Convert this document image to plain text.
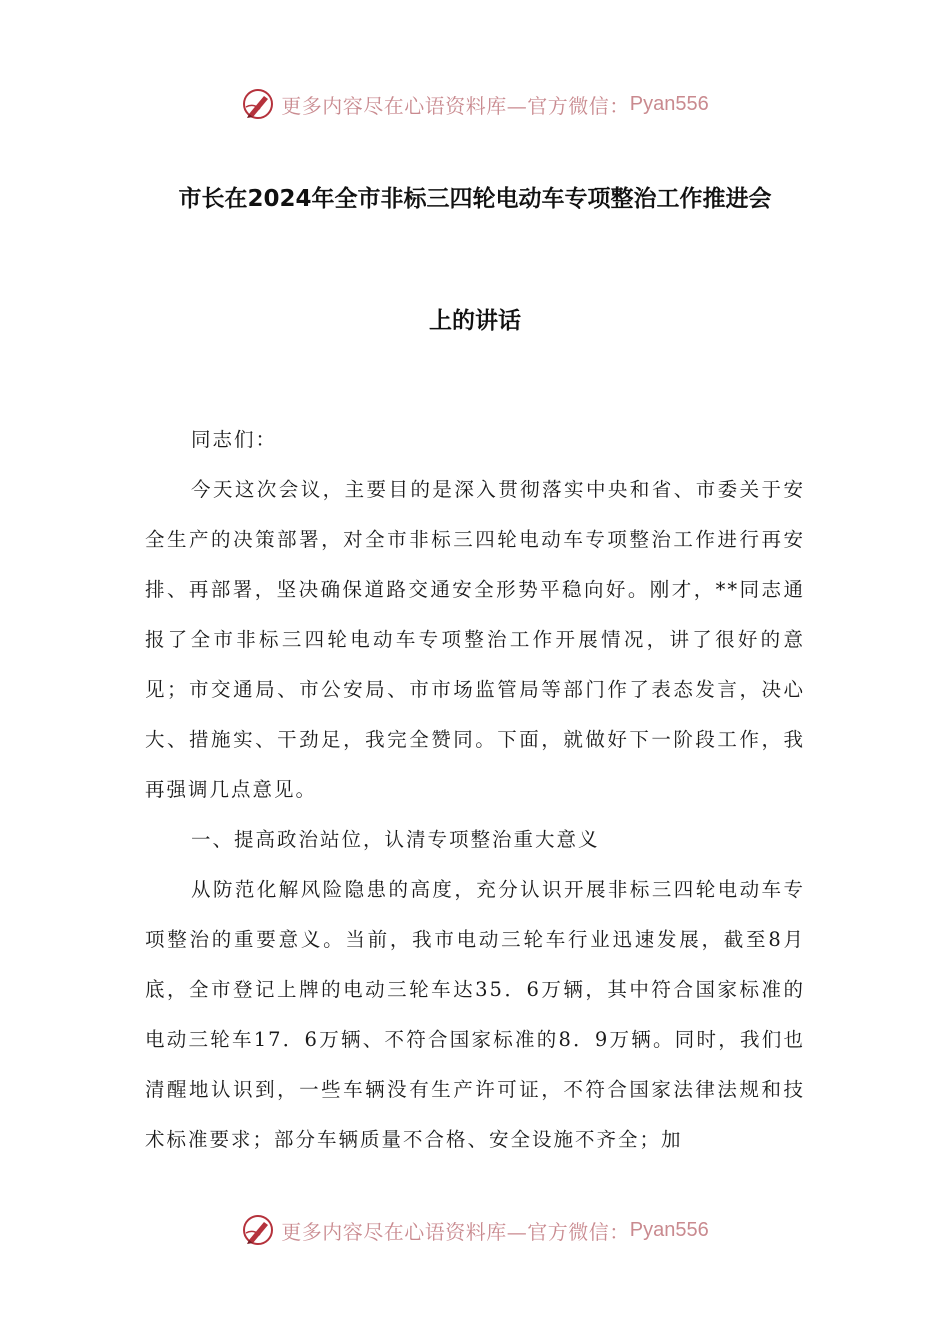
更多内容尽在心语资料库—官方微信： Pyan556
市长在2024年全市非标三四轮电动车专项整治工作推进会
上的讲话

同志们：

今天这次会议，主要目的是深入贯彻落实中央和省、市委关于安全生产的决策部署，对全市非标三四轮电动车专项整治工作进行再安排、再部署，坚决确保道路交通安全形势平稳向好。刚才，**同志通报了全市非标三四轮电动车专项整治工作开展情况，讲了很好的意见；市交通局、市公安局、市市场监管局等部门作了表态发言，决心大、措施实、干劲足，我完全赞同。下面，就做好下一阶段工作，我再强调几点意见。

一、提高政治站位，认清专项整治重大意义

从防范化解风险隐患的高度，充分认识开展非标三四轮电动车专项整治的重要意义。当前，我市电动三轮车行业迅速发展，截至8月底，全市登记上牌的电动三轮车达35．6万辆，其中符合国家标准的电动三轮车17．6万辆、不符合国家标准的8．9万辆。同时，我们也清醒地认识到，一些车辆没有生产许可证，不符合国家法律法规和技术标准要求；部分车辆质量不合格、安全设施不齐全；加

更多内容尽在心语资料库—官方微信： Pyan556
